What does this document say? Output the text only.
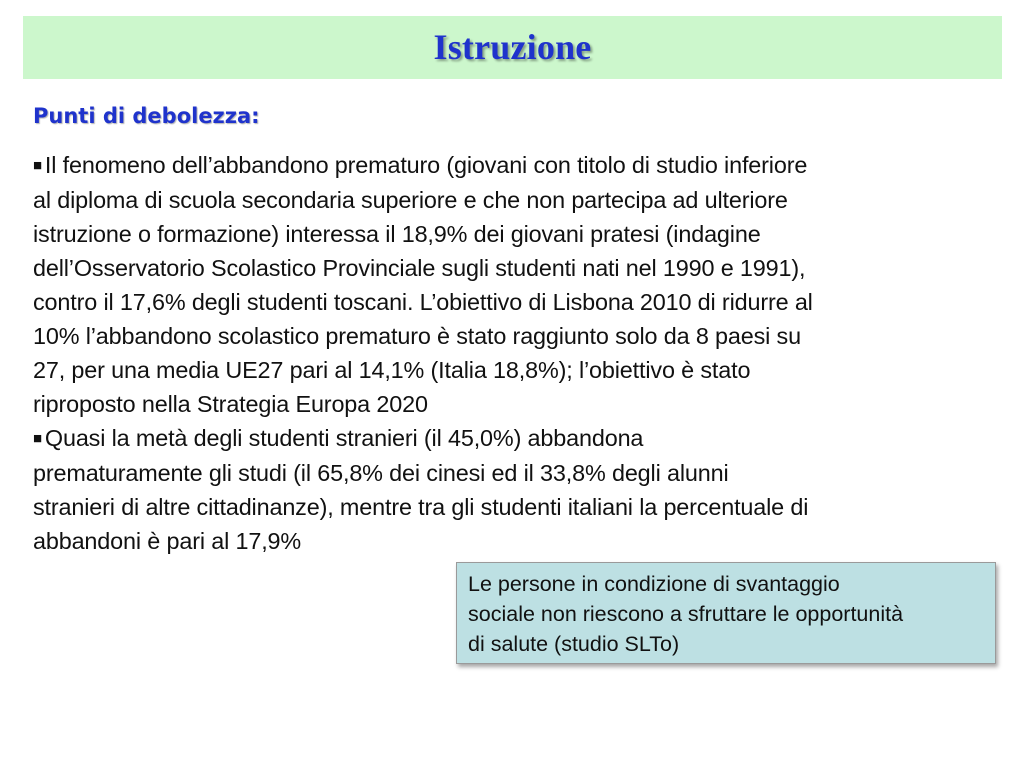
Istruzione
Punti di debolezza:

■ Il fenomeno dell’abbandono prematuro (giovani con titolo di studio inferiore
al diploma di scuola secondaria superiore e che non partecipa ad ulteriore
istruzione o formazione) interessa il 18,9% dei giovani pratesi (indagine
dell’Osservatorio Scolastico Provinciale sugli studenti nati nel 1990 e 1991),
contro il 17,6% degli studenti toscani. L’obiettivo di Lisbona 2010 di ridurre al
10% l’abbandono scolastico prematuro è stato raggiunto solo da 8 paesi su
27, per una media UE27 pari al 14,1% (Italia 18,8%); l’obiettivo è stato
riproposto nella Strategia Europa 2020

■ Quasi la metà degli studenti stranieri (il 45,0%) abbandona
prematuramente gli studi (il 65,8% dei cinesi ed il 33,8% degli alunni
stranieri di altre cittadinanze), mentre tra gli studenti italiani la percentuale di
abbandoni è pari al 17,9%

Le persone in condizione di svantaggio
sociale non riescono a sfruttare le opportunità
di salute (studio SLTo)
